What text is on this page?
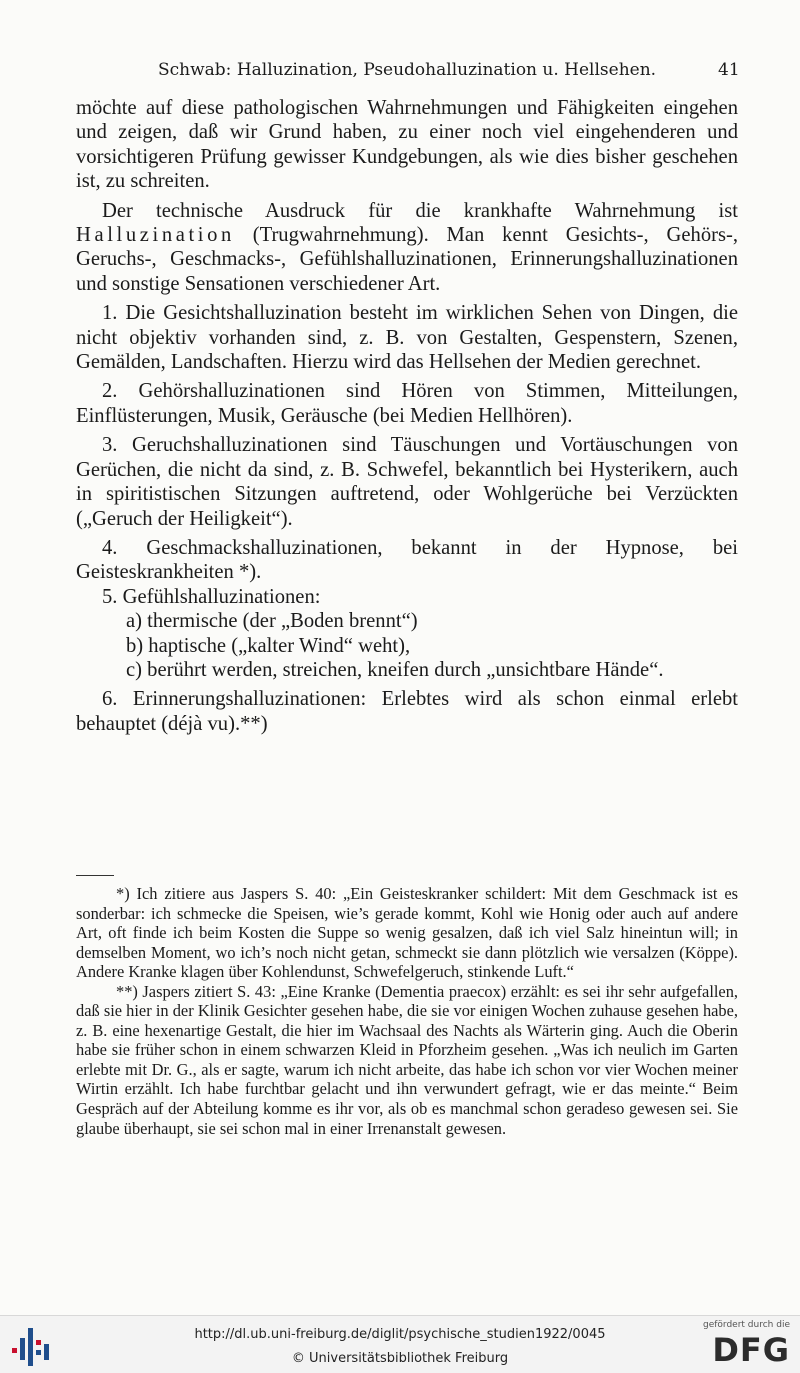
Schwab: Halluzination, Pseudohalluzination u. Hellsehen.	41

möchte auf diese pathologischen Wahrnehmungen und Fähigkeiten eingehen und zeigen, daß wir Grund haben, zu einer noch viel eingehenderen und vorsichtigeren Prüfung gewisser Kundgebungen, als wie dies bisher geschehen ist, zu schreiten.

Der technische Ausdruck für die krankhafte Wahrnehmung ist Halluzination (Trugwahrnehmung). Man kennt Gesichts-, Gehörs-, Geruchs-, Geschmacks-, Gefühlshalluzinationen, Erinnerungshalluzinationen und sonstige Sensationen verschiedener Art.

1. Die Gesichtshalluzination besteht im wirklichen Sehen von Dingen, die nicht objektiv vorhanden sind, z. B. von Gestalten, Gespenstern, Szenen, Gemälden, Landschaften. Hierzu wird das Hellsehen der Medien gerechnet.

2. Gehörshalluzinationen sind Hören von Stimmen, Mitteilungen, Einflüsterungen, Musik, Geräusche (bei Medien Hellhören).

3. Geruchshalluzinationen sind Täuschungen und Vortäuschungen von Gerüchen, die nicht da sind, z. B. Schwefel, bekanntlich bei Hysterikern, auch in spiritistischen Sitzungen auftretend, oder Wohlgerüche bei Verzückten („Geruch der Heiligkeit“).

4. Geschmackshalluzinationen, bekannt in der Hypnose, bei Geisteskrankheiten *).

5. Gefühlshalluzinationen:

a) thermische (der „Boden brennt“)

b) haptische („kalter Wind“ weht),

c) berührt werden, streichen, kneifen durch „unsichtbare Hände“.

6. Erinnerungshalluzinationen: Erlebtes wird als schon einmal erlebt behauptet (déjà vu).**)

*) Ich zitiere aus Jaspers S. 40: „Ein Geisteskranker schildert: Mit dem Geschmack ist es sonderbar: ich schmecke die Speisen, wie’s gerade kommt, Kohl wie Honig oder auch auf andere Art, oft finde ich beim Kosten die Suppe so wenig gesalzen, daß ich viel Salz hineintun will; in demselben Moment, wo ich’s noch nicht getan, schmeckt sie dann plötzlich wie versalzen (Köppe). Andere Kranke klagen über Kohlendunst, Schwefelgeruch, stinkende Luft.“

**) Jaspers zitiert S. 43: „Eine Kranke (Dementia praecox) erzählt: es sei ihr sehr aufgefallen, daß sie hier in der Klinik Gesichter gesehen habe, die sie vor einigen Wochen zuhause gesehen habe, z. B. eine hexenartige Gestalt, die hier im Wachsaal des Nachts als Wärterin ging. Auch die Oberin habe sie früher schon in einem schwarzen Kleid in Pforzheim gesehen. „Was ich neulich im Garten erlebte mit Dr. G., als er sagte, warum ich nicht arbeite, das habe ich schon vor vier Wochen meiner Wirtin erzählt. Ich habe furchtbar gelacht und ihn verwundert gefragt, wie er das meinte.“ Beim Gespräch auf der Abteilung komme es ihr vor, als ob es manchmal schon geradeso gewesen sei. Sie glaube überhaupt, sie sei schon mal in einer Irrenanstalt gewesen.

http://dl.ub.uni-freiburg.de/diglit/psychische_studien1922/0045
© Universitätsbibliothek Freiburg
gefördert durch die
DFG
